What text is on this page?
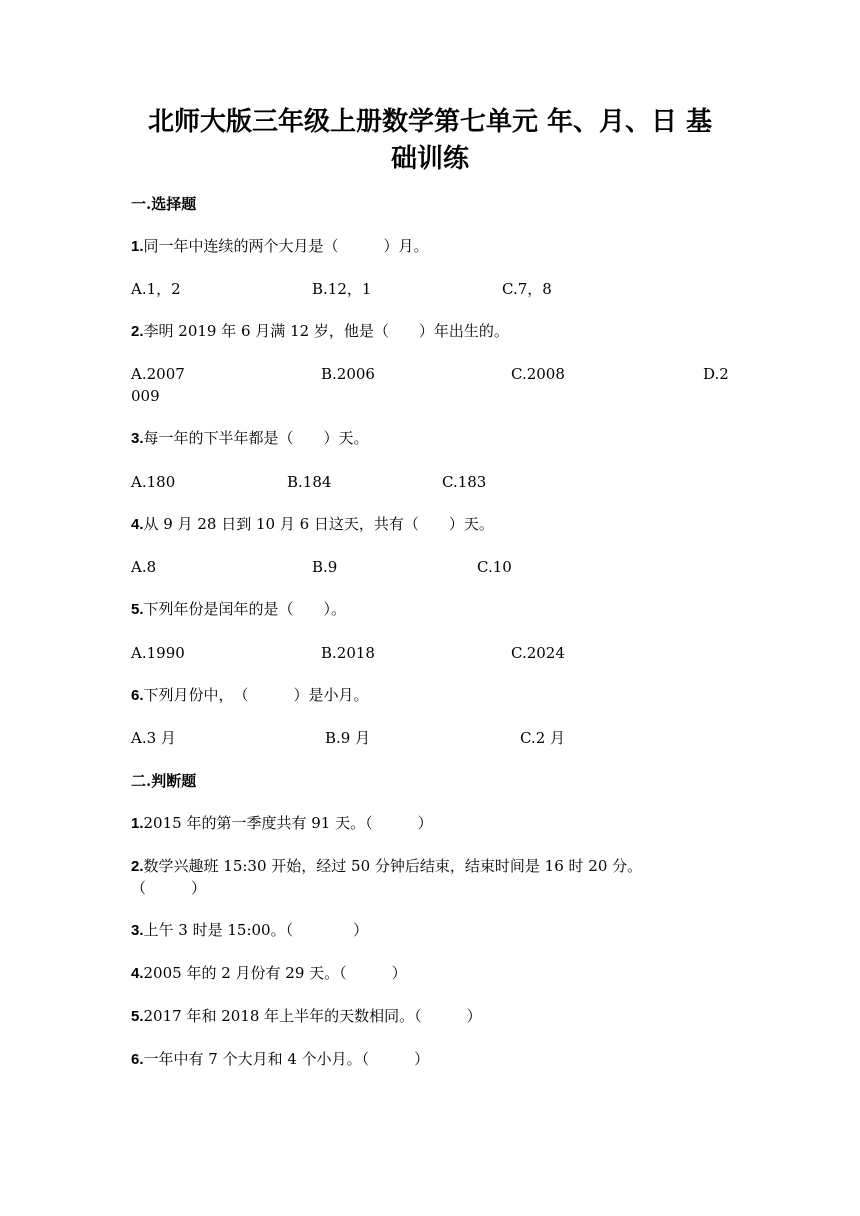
北师大版三年级上册数学第七单元 年、月、日 基
础训练
一.选择题
1.同一年中连续的两个大月是（　　　）月。
A.1，2	B.12，1	C.7，8
2.李明 2019 年 6 月满 12 岁，他是（　　）年出生的。
A.2007	B.2006	C.2008	D.2
009
3.每一年的下半年都是（　　）天。
A.180	B.184	C.183
4.从 9 月 28 日到 10 月 6 日这天，共有（　　）天。
A.8	B.9	C.10
5.下列年份是闰年的是（　　）。
A.1990	B.2018	C.2024
6.下列月份中，　（　　　）是小月。
A.3 月	B.9 月	C.2 月
二.判断题
1.2015 年的第一季度共有 91 天。（　　　）
2.数学兴趣班 15:30 开始，经过 50 分钟后结束，结束时间是 16 时 20 分。
（　　　）
3.上午 3 时是 15:00。（　　　　）
4.2005 年的 2 月份有 29 天。（　　　）
5.2017 年和 2018 年上半年的天数相同。（　　　）
6.一年中有 7 个大月和 4 个小月。（　　　）
